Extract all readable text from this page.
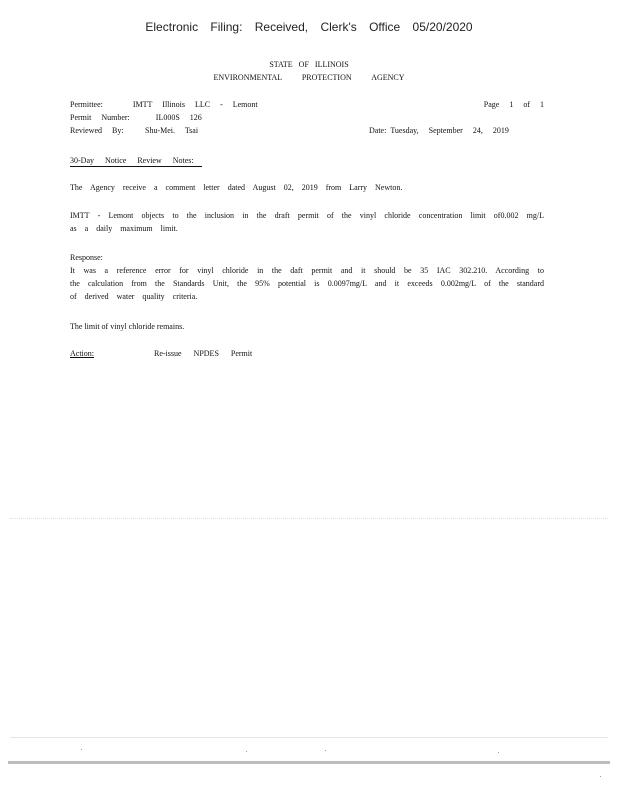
Electronic Filing: Received, Clerk's Office 05/20/2020
STATE OF ILLINOIS
ENVIRONMENTAL PROTECTION AGENCY
Permittee:	IMTT Illinois LLC - Lemont	Page 1 of 1
Permit Number:	IL000S 126
Reviewed By:	Shu-Mei. Tsai	Date: Tuesday, September 24, 2019
30-Day Notice Review Notes:
The Agency receive a comment letter dated August 02, 2019 from Larry Newton.
IMTT - Lemont objects to the inclusion in the draft permit of the vinyl chloride concentration limit of0.002 mg/L as a daily maximum limit.
Response:
It was a reference error for vinyl chloride in the daft permit and it should be 35 IAC 302.210. According to the calculation from the Standards Unit, the 95% potential is 0.0097mg/L and it exceeds 0.002mg/L of the standard of derived water quality criteria.
The limit of vinyl chloride remains.
Action:	Re-issue NPDES Permit
